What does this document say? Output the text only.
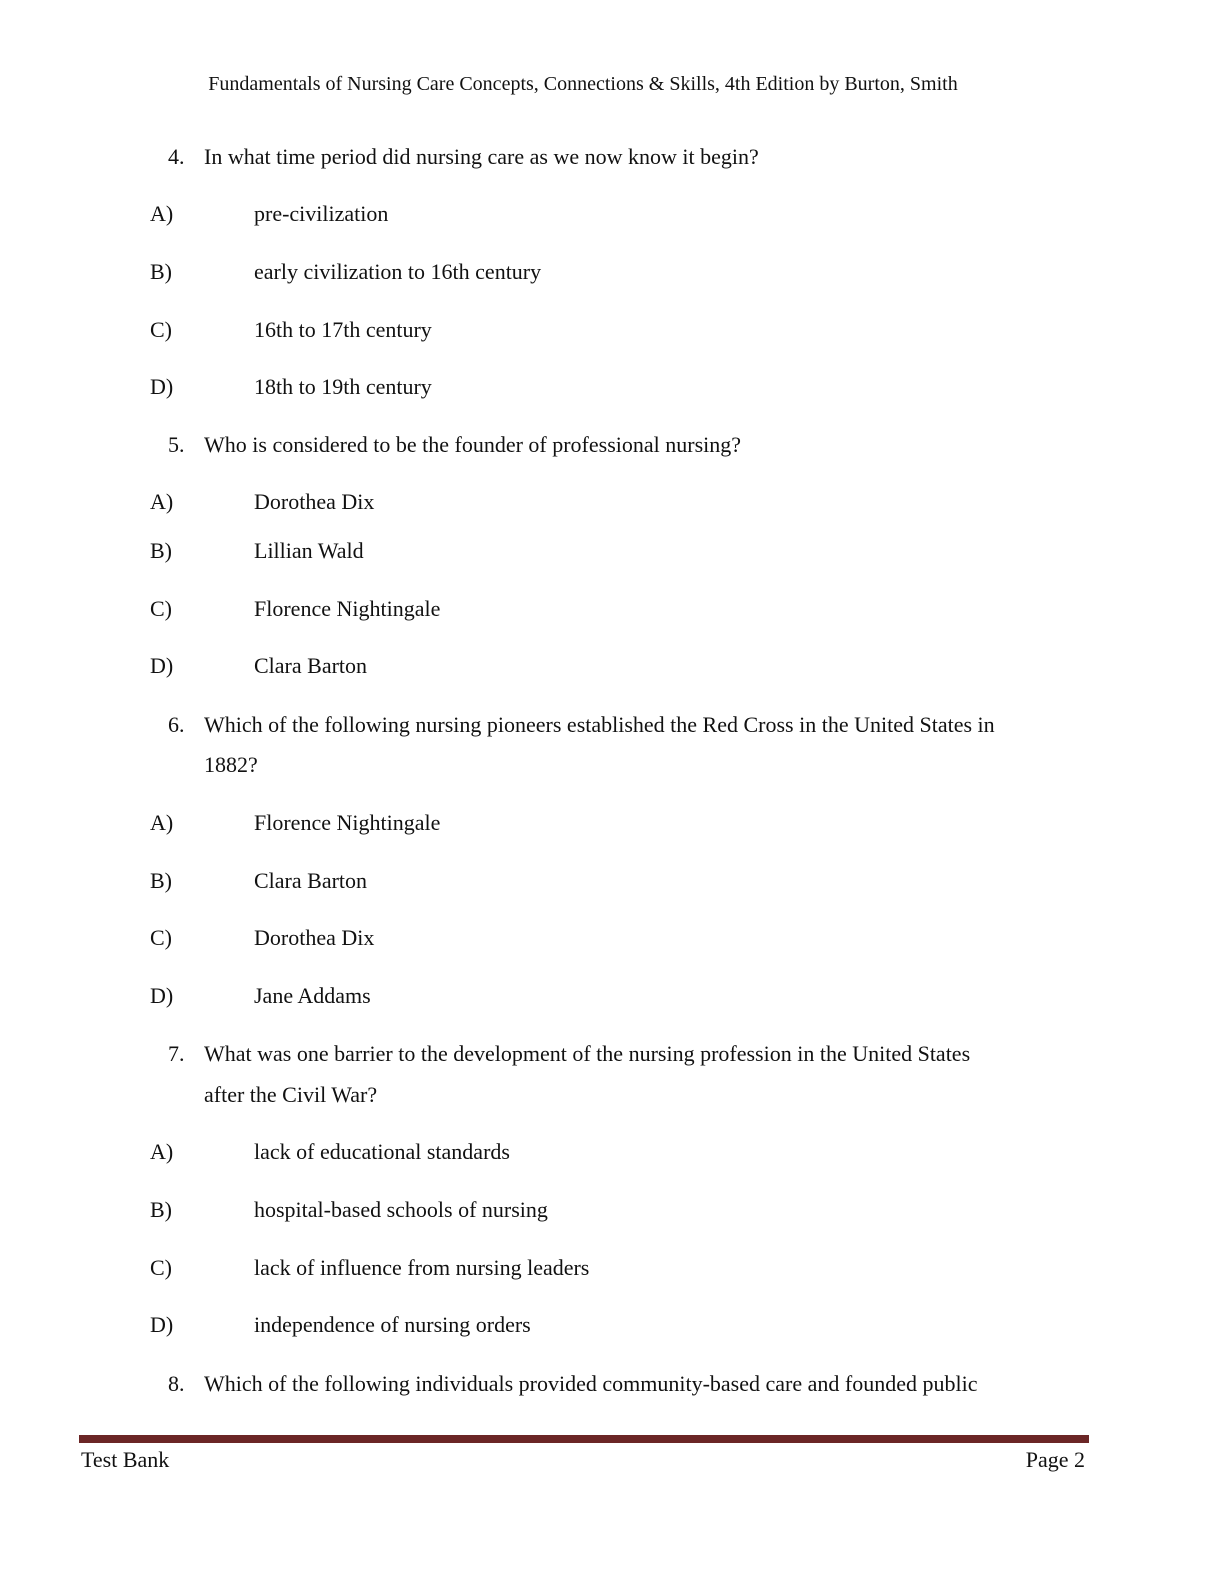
Fundamentals of Nursing Care Concepts, Connections & Skills, 4th Edition by Burton, Smith
4. In what time period did nursing care as we now know it begin?
A)	pre-civilization
B)	early civilization to 16th century
C)	16th to 17th century
D)	18th to 19th century
5. Who is considered to be the founder of professional nursing?
A)	Dorothea Dix
B)	Lillian Wald
C)	Florence Nightingale
D)	Clara Barton
6. Which of the following nursing pioneers established the Red Cross in the United States in
1882?
A)	Florence Nightingale
B)	Clara Barton
C)	Dorothea Dix
D)	Jane Addams
7. What was one barrier to the development of the nursing profession in the United States
after the Civil War?
A)	lack of educational standards
B)	hospital-based schools of nursing
C)	lack of influence from nursing leaders
D)	independence of nursing orders
8. Which of the following individuals provided community-based care and founded public
Test Bank	Page 2
